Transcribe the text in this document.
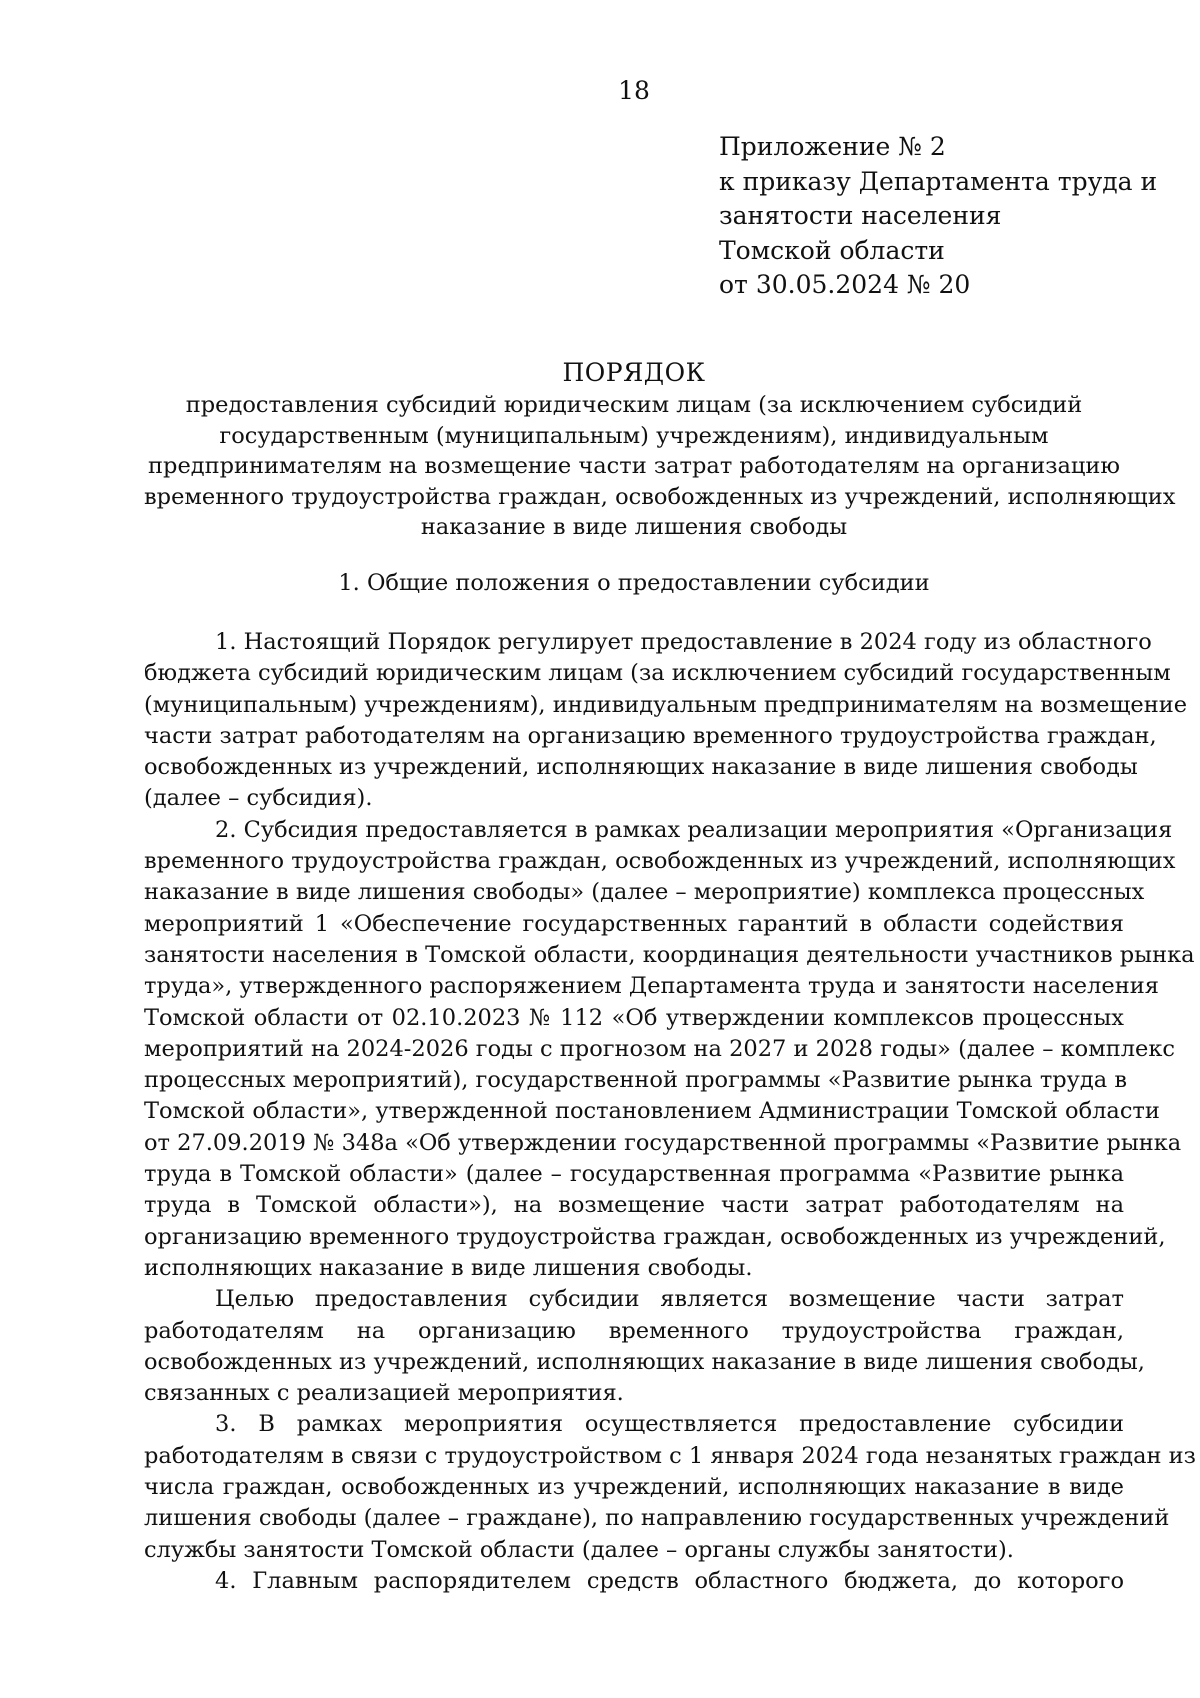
18
Приложение № 2
к приказу Департамента труда и
занятости населения
Томской области
от 30.05.2024 № 20
ПОРЯДОК
предоставления субсидий юридическим лицам (за исключением субсидий
государственным (муниципальным) учреждениям), индивидуальным
предпринимателям на возмещение части затрат работодателям на организацию
временного трудоустройства граждан, освобожденных из учреждений, исполняющих
наказание в виде лишения свободы
1. Общие положения о предоставлении субсидии
1. Настоящий Порядок регулирует предоставление в 2024 году из областного
бюджета субсидий юридическим лицам (за исключением субсидий государственным
(муниципальным) учреждениям), индивидуальным предпринимателям на возмещение
части затрат работодателям на организацию временного трудоустройства граждан,
освобожденных из учреждений, исполняющих наказание в виде лишения свободы
(далее – субсидия).
2. Субсидия предоставляется в рамках реализации мероприятия «Организация
временного трудоустройства граждан, освобожденных из учреждений, исполняющих
наказание в виде лишения свободы» (далее – мероприятие) комплекса процессных
мероприятий 1 «Обеспечение государственных гарантий в области содействия
занятости населения в Томской области, координация деятельности участников рынка
труда», утвержденного распоряжением Департамента труда и занятости населения
Томской области от 02.10.2023 № 112 «Об утверждении комплексов процессных
мероприятий на 2024-2026 годы с прогнозом на 2027 и 2028 годы» (далее – комплекс
процессных мероприятий), государственной программы «Развитие рынка труда в
Томской области», утвержденной постановлением Администрации Томской области
от 27.09.2019 № 348а «Об утверждении государственной программы «Развитие рынка
труда в Томской области» (далее – государственная программа «Развитие рынка
труда в Томской области»), на возмещение части затрат работодателям на
организацию временного трудоустройства граждан, освобожденных из учреждений,
исполняющих наказание в виде лишения свободы.
Целью предоставления субсидии является возмещение части затрат
работодателям на организацию временного трудоустройства граждан,
освобожденных из учреждений, исполняющих наказание в виде лишения свободы,
связанных с реализацией мероприятия.
3. В рамках мероприятия осуществляется предоставление субсидии
работодателям в связи с трудоустройством с 1 января 2024 года незанятых граждан из
числа граждан, освобожденных из учреждений, исполняющих наказание в виде
лишения свободы (далее – граждане), по направлению государственных учреждений
службы занятости Томской области (далее – органы службы занятости).
4. Главным распорядителем средств областного бюджета, до которого
